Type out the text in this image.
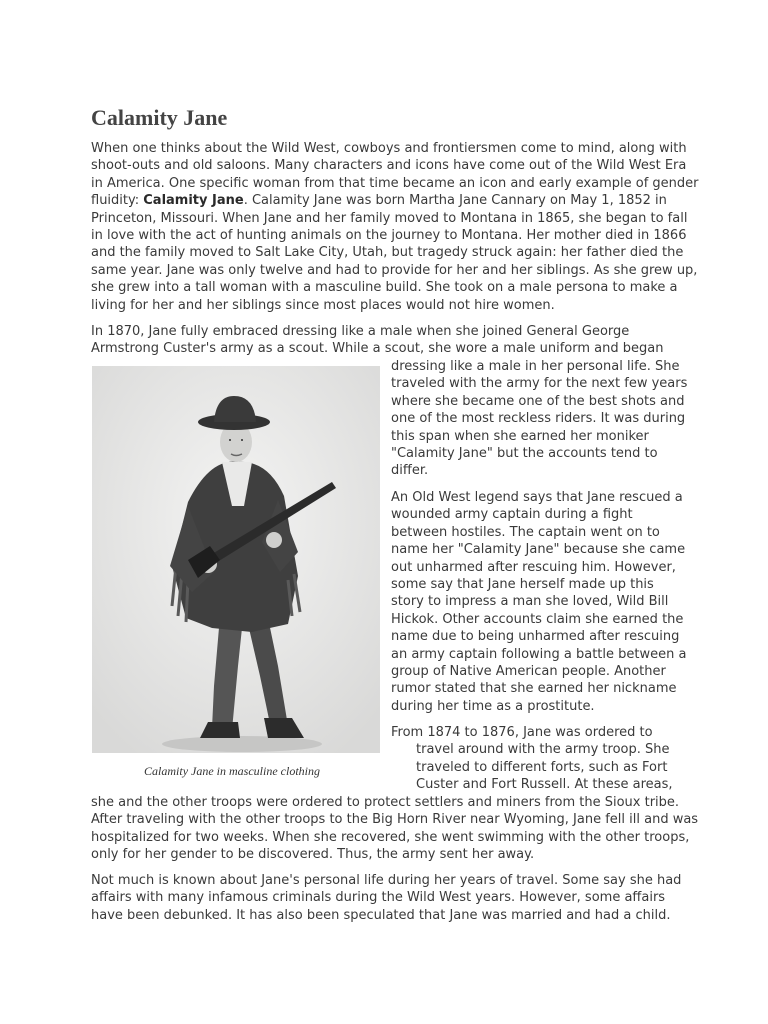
Calamity Jane
When one thinks about the Wild West, cowboys and frontiersmen come to mind, along with
shoot-outs and old saloons. Many characters and icons have come out of the Wild West Era
in America. One specific woman from that time became an icon and early example of gender
fluidity: Calamity Jane. Calamity Jane was born Martha Jane Cannary on May 1, 1852 in
Princeton, Missouri. When Jane and her family moved to Montana in 1865, she began to fall
in love with the act of hunting animals on the journey to Montana. Her mother died in 1866
and the family moved to Salt Lake City, Utah, but tragedy struck again: her father died the
same year. Jane was only twelve and had to provide for her and her siblings. As she grew up,
she grew into a tall woman with a masculine build. She took on a male persona to make a
living for her and her siblings since most places would not hire women.
In 1870, Jane fully embraced dressing like a male when she joined General George
Armstrong Custer's army as a scout. While a scout, she wore a male uniform and began
dressing like a male in her personal life. She
traveled with the army for the next few years
where she became one of the best shots and
one of the most reckless riders. It was during
this span when she earned her moniker
"Calamity Jane" but the accounts tend to
differ.
An Old West legend says that Jane rescued a
wounded army captain during a fight
between hostiles. The captain went on to
name her "Calamity Jane" because she came
out unharmed after rescuing him. However,
some say that Jane herself made up this
story to impress a man she loved, Wild Bill
Hickok. Other accounts claim she earned the
name due to being unharmed after rescuing
an army captain following a battle between a
group of Native American people. Another
rumor stated that she earned her nickname
during her time as a prostitute.
From 1874 to 1876, Jane was ordered to
travel around with the army troop. She
traveled to different forts, such as Fort
Custer and Fort Russell. At these areas,
she and the other troops were ordered to protect settlers and miners from the Sioux tribe.
After traveling with the other troops to the Big Horn River near Wyoming, Jane fell ill and was
hospitalized for two weeks. When she recovered, she went swimming with the other troops,
only for her gender to be discovered. Thus, the army sent her away.
Not much is known about Jane's personal life during her years of travel. Some say she had
affairs with many infamous criminals during the Wild West years. However, some affairs
have been debunked. It has also been speculated that Jane was married and had a child.
Calamity Jane in masculine clothing
